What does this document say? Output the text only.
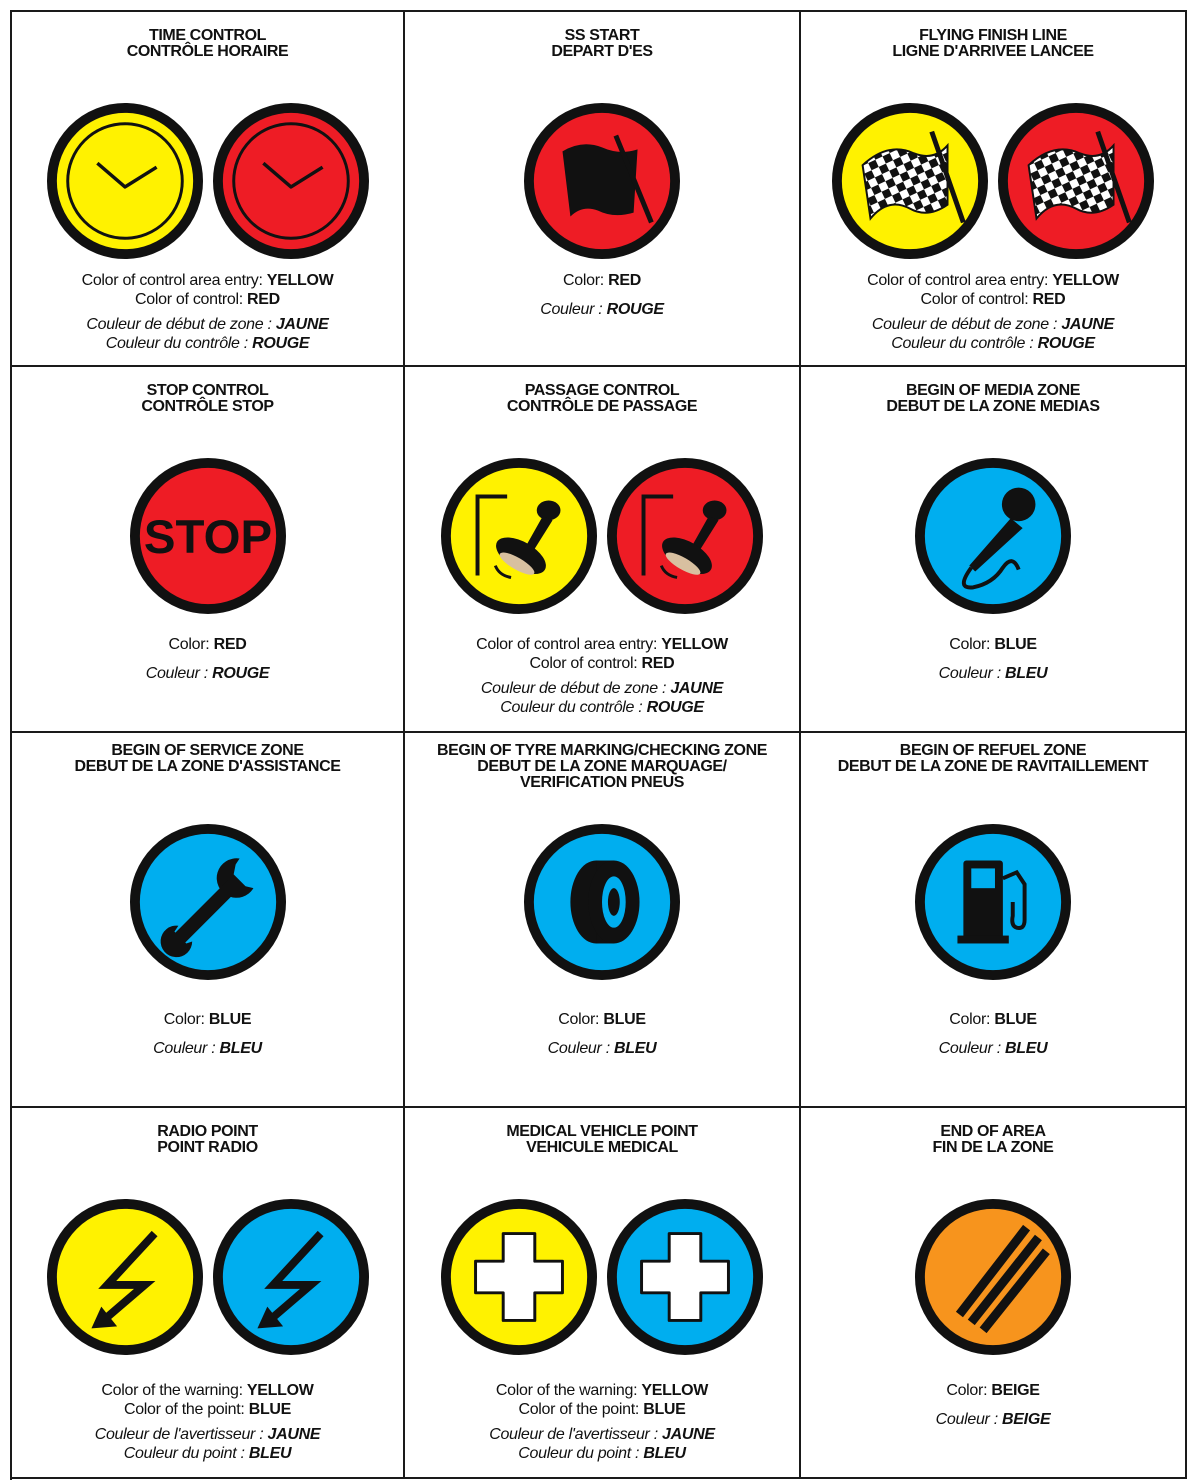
TIME CONTROL
CONTRÔLE HORAIRE
Color of control area entry: YELLOW
Color of control: RED
Couleur de début de zone : JAUNE
Couleur du contrôle : ROUGE
SS START
DEPART D'ES
Color: RED
Couleur : ROUGE
FLYING FINISH LINE
LIGNE D'ARRIVEE LANCEE
Color of control area entry: YELLOW
Color of control: RED
Couleur de début de zone : JAUNE
Couleur du contrôle : ROUGE
STOP CONTROL
CONTRÔLE STOP
STOP
Color: RED
Couleur : ROUGE
PASSAGE CONTROL
CONTRÔLE DE PASSAGE
Color of control area entry: YELLOW
Color of control: RED
Couleur de début de zone : JAUNE
Couleur du contrôle : ROUGE
BEGIN OF MEDIA ZONE
DEBUT DE LA ZONE MEDIAS
Color: BLUE
Couleur : BLEU
BEGIN OF SERVICE ZONE
DEBUT DE LA ZONE D'ASSISTANCE
Color: BLUE
Couleur : BLEU
BEGIN OF TYRE MARKING/CHECKING ZONE
DEBUT DE LA ZONE MARQUAGE/
VERIFICATION PNEUS
Color: BLUE
Couleur : BLEU
BEGIN OF REFUEL ZONE
DEBUT DE LA ZONE DE RAVITAILLEMENT
Color: BLUE
Couleur : BLEU
RADIO POINT
POINT RADIO
Color of the warning: YELLOW
Color of the point: BLUE
Couleur de l'avertisseur : JAUNE
Couleur du point : BLEU
MEDICAL VEHICLE POINT
VEHICULE MEDICAL
Color of the warning: YELLOW
Color of the point: BLUE
Couleur de l'avertisseur : JAUNE
Couleur du point : BLEU
END OF AREA
FIN DE LA ZONE
Color: BEIGE
Couleur : BEIGE
